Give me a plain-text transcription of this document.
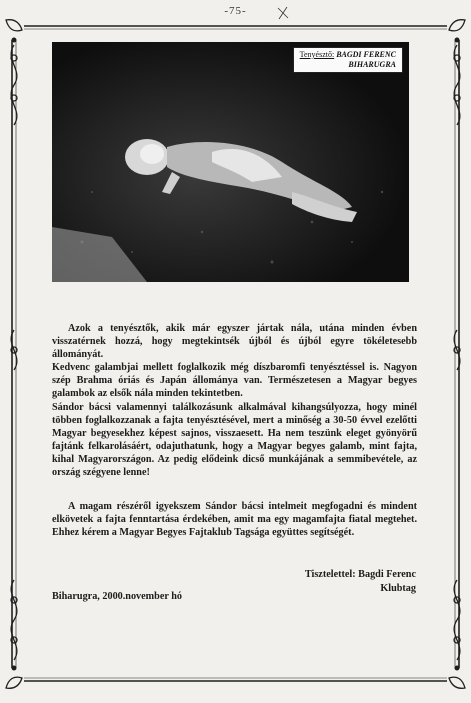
-75-
Tenyésztő: BAGDI FERENC
BIHARUGRA

Azok a tenyésztők, akik már egyszer jártak nála, utána minden évben visszatérnek hozzá, hogy megtekintsék újból és újból egyre tökéletesebb állományát.

Kedvenc galambjai mellett foglalkozik még díszbaromfi tenyésztéssel is. Nagyon szép Brahma óriás és Japán állománya van. Természetesen a Magyar begyes galambok az elsők nála minden tekintetben.

Sándor bácsi valamennyi találkozásunk alkalmával kihangsúlyozza, hogy minél többen foglalkozzanak a fajta tenyésztésével, mert a minőség a 30-50 évvel ezelőtti Magyar begyesekhez képest sajnos, visszaesett. Ha nem teszünk eleget gyönyörű fajtánk felkarolásáért, odajuthatunk, hogy a Magyar begyes galamb, mint fajta, kihal Magyarországon. Az pedig elődeink dicső munkájának a semmibevétele, az ország szégyene lenne!

A magam részéről igyekszem Sándor bácsi intelmeit megfogadni és mindent elkövetek a fajta fenntartása érdekében, amit ma egy magamfajta fiatal megtehet. Ehhez kérem a Magyar Begyes Fajtaklub Tagsága együttes segítségét.

Tisztelettel: Bagdi Ferenc
Klubtag
Biharugra, 2000.november hó
